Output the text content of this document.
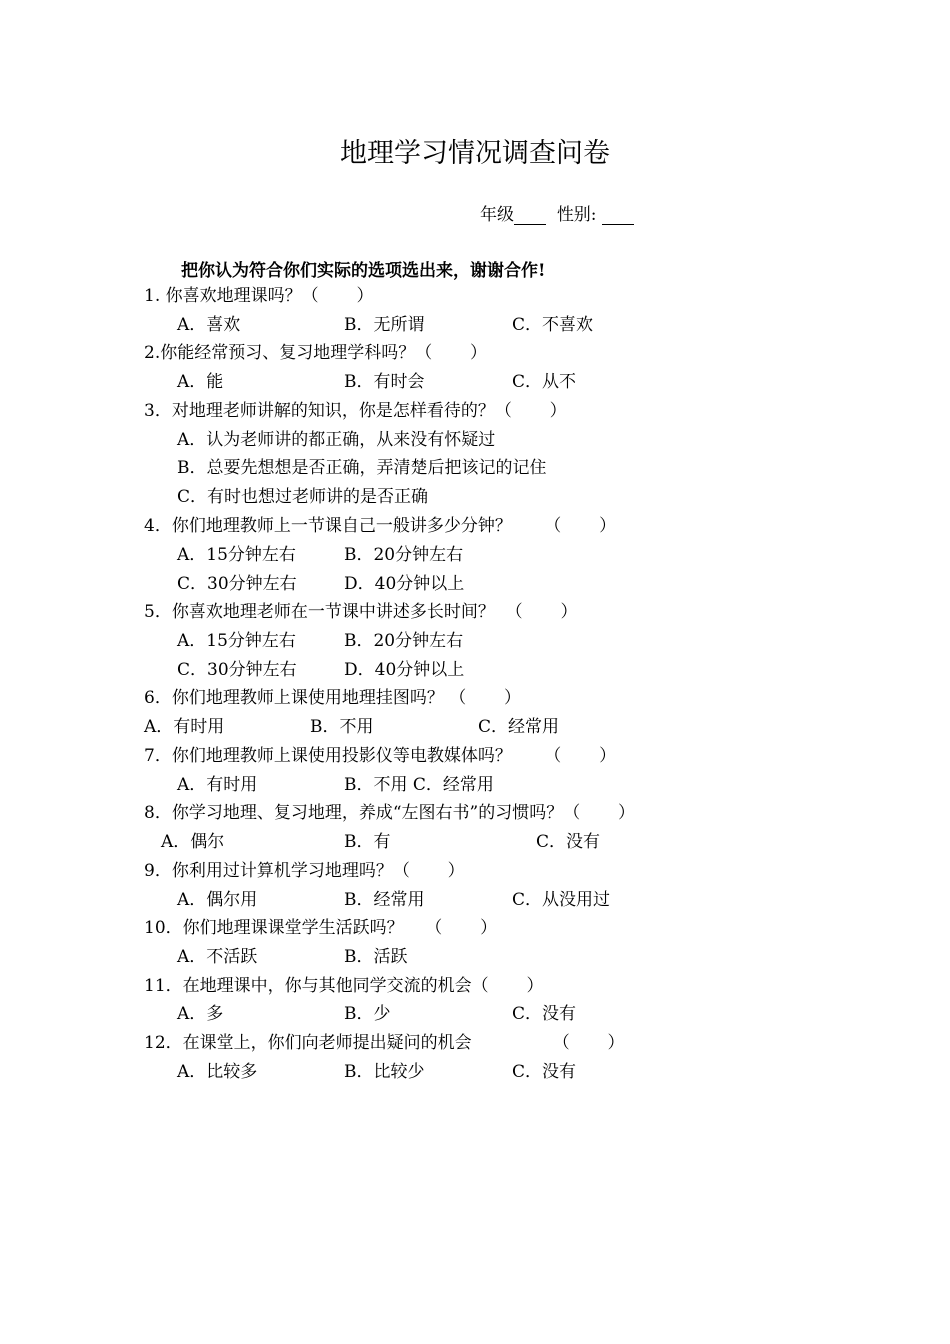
地理学习情况调查问卷
年级	性别:
把你认为符合你们实际的选项选出来，谢谢合作!
1. 你喜欢地理课吗？（       ）
A．喜欢	B．无所谓	C．不喜欢
2.你能经常预习、复习地理学科吗？（       ）
A．能	B．有时会	C．从不
3．对地理老师讲解的知识，你是怎样看待的？（       ）
A．认为老师讲的都正确，从来没有怀疑过
B．总要先想想是否正确，弄清楚后把该记的记住
C．有时也想过老师讲的是否正确
4．你们地理教师上一节课自己一般讲多少分钟？      （       ）
A．15分钟左右	B．20分钟左右
C．30分钟左右	D．40分钟以上
5．你喜欢地理老师在一节课中讲述多长时间？  （       ）
A．15分钟左右	B．20分钟左右
C．30分钟左右	D．40分钟以上
6．你们地理教师上课使用地理挂图吗？ （       ）
A．有时用	B．不用	C．经常用
7．你们地理教师上课使用投影仪等电教媒体吗？      （       ）
A．有时用	B．不用 C．经常用
8．你学习地理、复习地理，养成“左图右书”的习惯吗？（       ）
A．偶尔	B．有	C．没有
9．你利用过计算机学习地理吗？（       ）
A．偶尔用	B．经常用	C．从没用过
10．你们地理课课堂学生活跃吗？    （       ）
A．不活跃	B．活跃
11．在地理课中，你与其他同学交流的机会（       ）
A．多	B．少	C．没有
12．在课堂上，你们向老师提出疑问的机会               （       ）
A．比较多	B．比较少	C．没有
